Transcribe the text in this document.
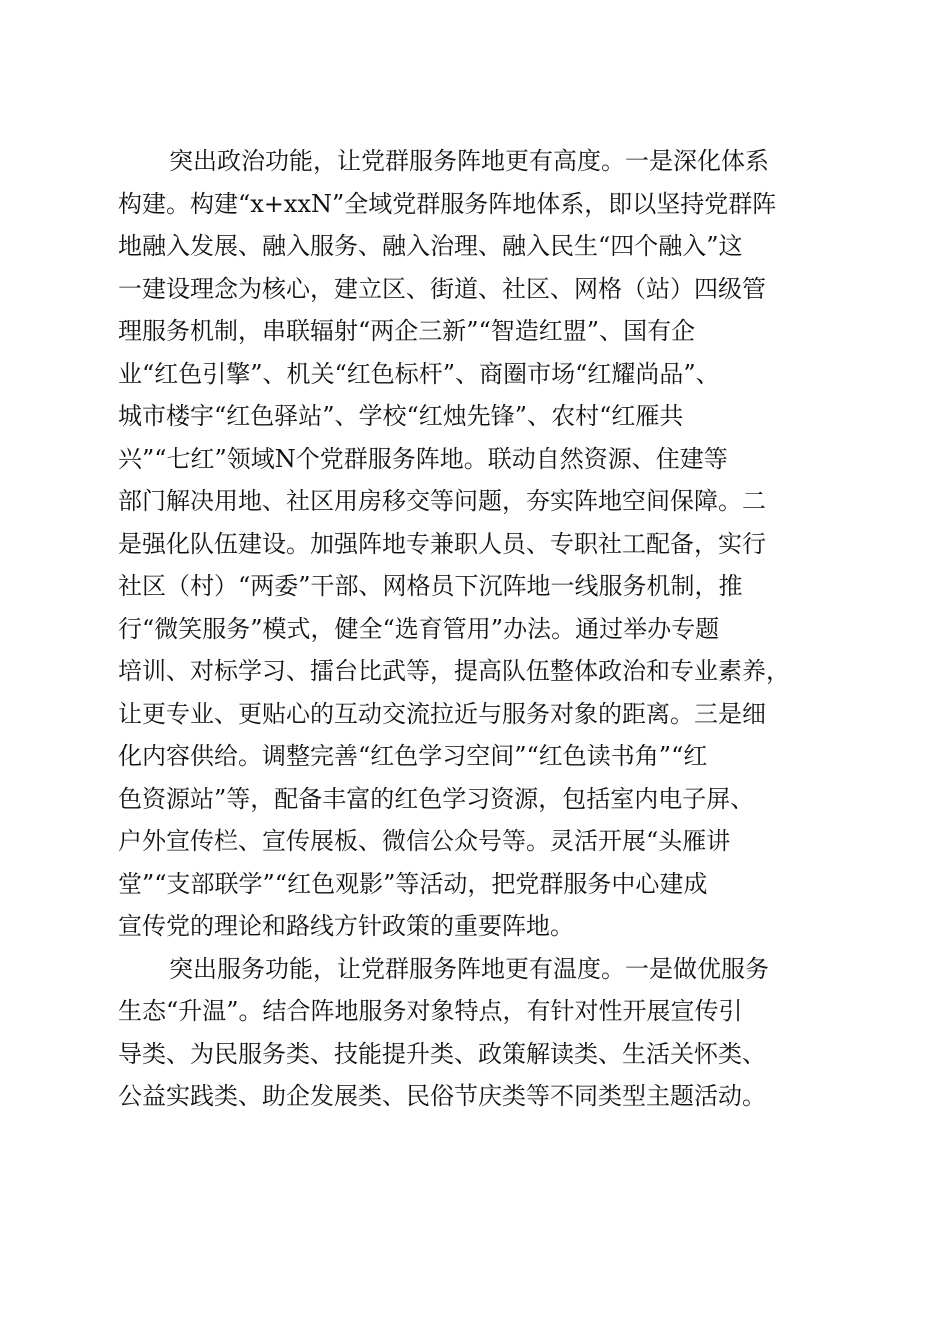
突出政治功能，让党群服务阵地更有高度。一是深化体系
构建。构建“x+xxN”全域党群服务阵地体系，即以坚持党群阵
地融入发展、融入服务、融入治理、融入民生“四个融入”这
一建设理念为核心，建立区、街道、社区、网格（站）四级管
理服务机制，串联辐射“两企三新”“智造红盟”、国有企
业“红色引擎”、机关“红色标杆”、商圈市场“红耀尚品”、
城市楼宇“红色驿站”、学校“红烛先锋”、农村“红雁共
兴”“七红”领域N个党群服务阵地。联动自然资源、住建等
部门解决用地、社区用房移交等问题，夯实阵地空间保障。二
是强化队伍建设。加强阵地专兼职人员、专职社工配备，实行
社区（村）“两委”干部、网格员下沉阵地一线服务机制，推
行“微笑服务”模式，健全“选育管用”办法。通过举办专题
培训、对标学习、擂台比武等，提高队伍整体政治和专业素养，
让更专业、更贴心的互动交流拉近与服务对象的距离。三是细
化内容供给。调整完善“红色学习空间”“红色读书角”“红
色资源站”等，配备丰富的红色学习资源，包括室内电子屏、
户外宣传栏、宣传展板、微信公众号等。灵活开展“头雁讲
堂”“支部联学”“红色观影”等活动，把党群服务中心建成
宣传党的理论和路线方针政策的重要阵地。

突出服务功能，让党群服务阵地更有温度。一是做优服务
生态“升温”。结合阵地服务对象特点，有针对性开展宣传引
导类、为民服务类、技能提升类、政策解读类、生活关怀类、
公益实践类、助企发展类、民俗节庆类等不同类型主题活动。
